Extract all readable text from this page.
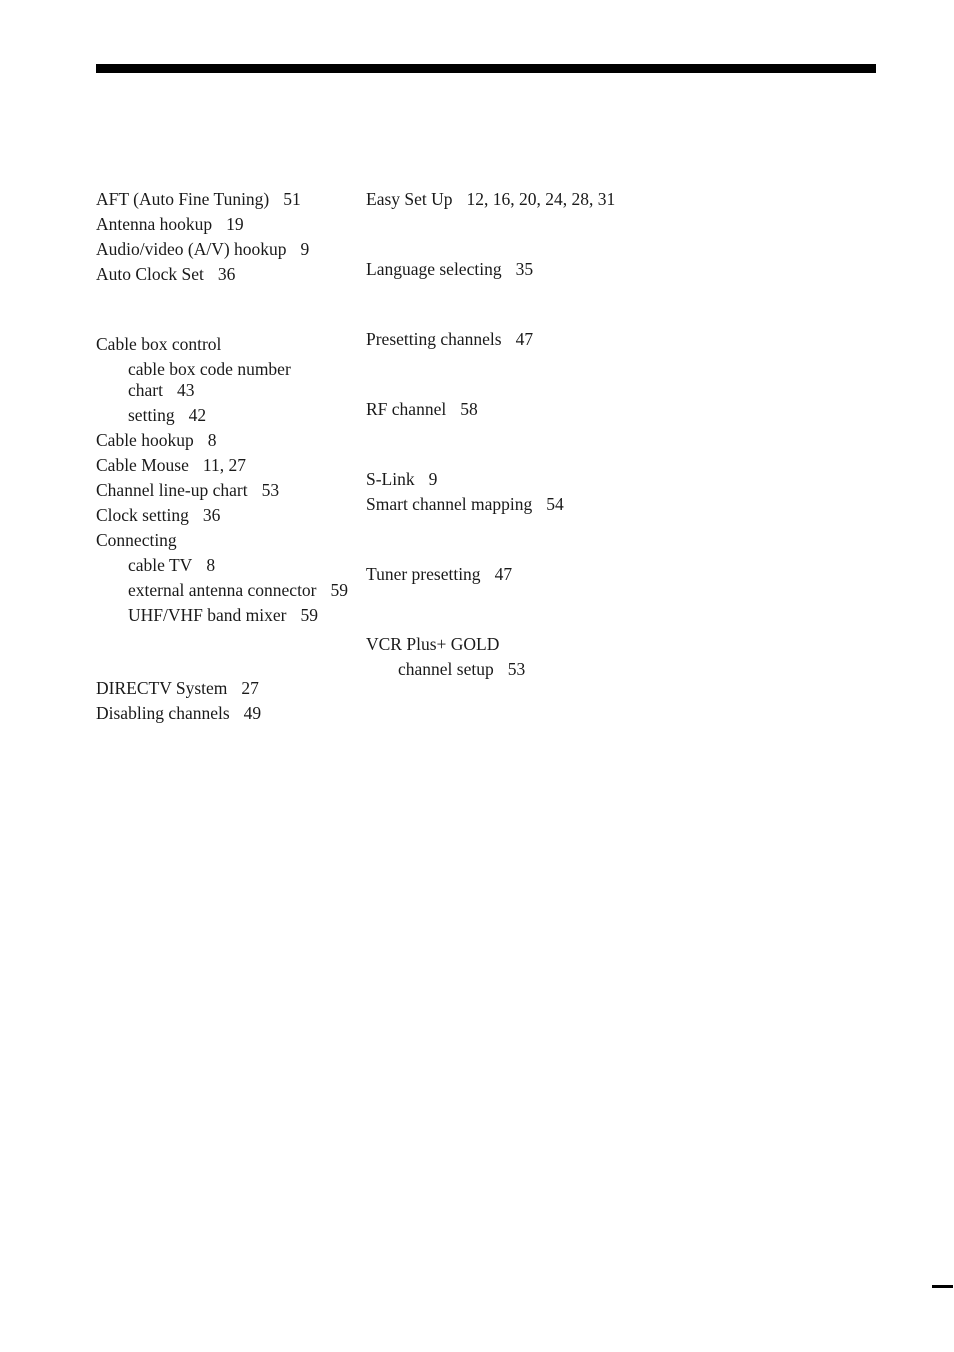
AFT (Auto Fine Tuning) 51
Antenna hookup 19
Audio/video (A/V) hookup 9
Auto Clock Set 36
Cable box control
cable box code number chart 43
setting 42
Cable hookup 8
Cable Mouse 11, 27
Channel line-up chart 53
Clock setting 36
Connecting
cable TV 8
external antenna connector 59
UHF/VHF band mixer 59
DIRECTV System 27
Disabling channels 49
Easy Set Up 12, 16, 20, 24, 28, 31
Language selecting 35
Presetting channels 47
RF channel 58
S-Link 9
Smart channel mapping 54
Tuner presetting 47
VCR Plus+ GOLD
channel setup 53
